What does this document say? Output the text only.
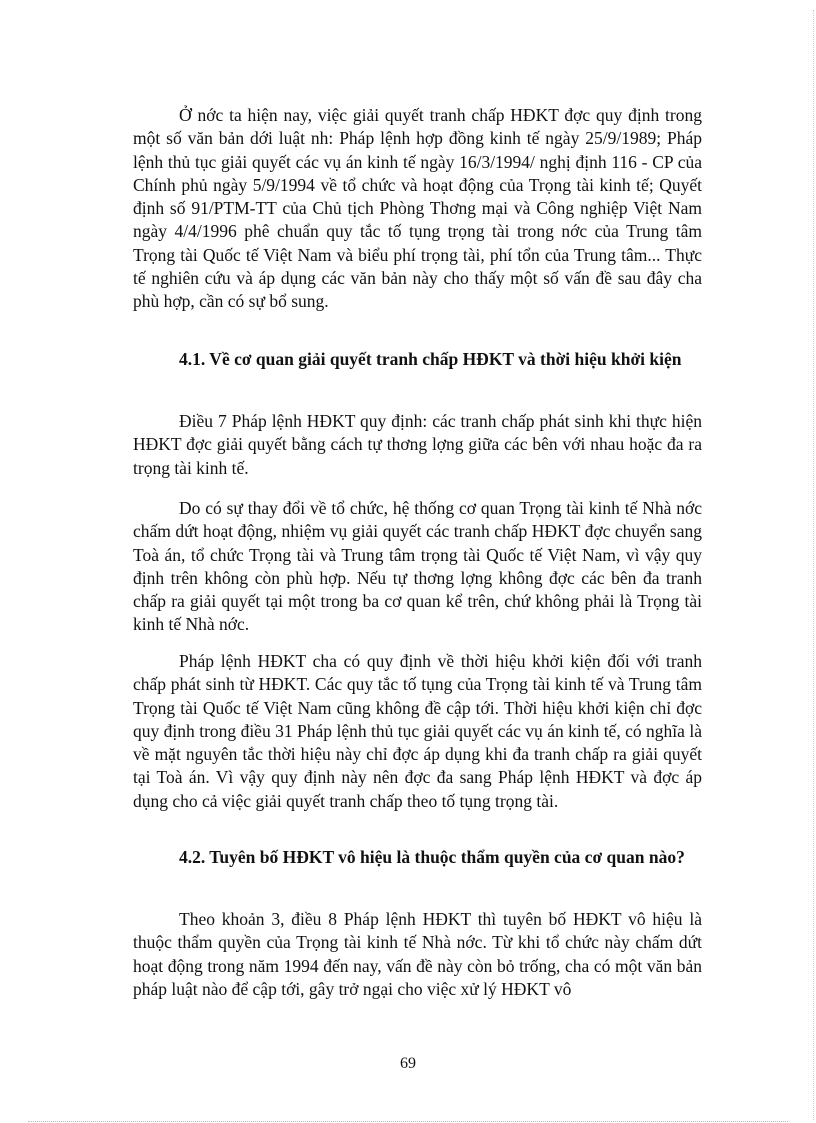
Ở nớc ta hiện nay, việc giải quyết tranh chấp HĐKT đợc quy định trong một số văn bản dới luật nh: Pháp lệnh hợp đồng kinh tế ngày 25/9/1989; Pháp lệnh thủ tục giải quyết các vụ án kinh tế ngày 16/3/1994/ nghị định 116 - CP của Chính phủ ngày 5/9/1994 về tổ chức và hoạt động của Trọng tài kinh tế; Quyết định số 91/PTM-TT của Chủ tịch Phòng Thơng mại và Công nghiệp Việt Nam ngày 4/4/1996 phê chuẩn quy tắc tố tụng trọng tài trong nớc của Trung tâm Trọng tài Quốc tế Việt Nam và biểu phí trọng tài, phí tổn của Trung tâm... Thực tế nghiên cứu và áp dụng các văn bản này cho thấy một số vấn đề sau đây cha phù hợp, cần có sự bổ sung.

4.1. Về cơ quan giải quyết tranh chấp HĐKT và thời hiệu khởi kiện

Điều 7 Pháp lệnh HĐKT quy định: các tranh chấp phát sinh khi thực hiện HĐKT đợc giải quyết bằng cách tự thơng lợng giữa các bên với nhau hoặc đa ra trọng tài kinh tế.

Do có sự thay đổi về tổ chức, hệ thống cơ quan Trọng tài kinh tế Nhà nớc chấm dứt hoạt động, nhiệm vụ giải quyết các tranh chấp HĐKT đợc chuyển sang Toà án, tổ chức Trọng tài và Trung tâm trọng tài Quốc tế Việt Nam, vì vậy quy định trên không còn phù hợp. Nếu tự thơng lợng không đợc các bên đa tranh chấp ra giải quyết tại một trong ba cơ quan kể trên, chứ không phải là Trọng tài kinh tế Nhà nớc.

Pháp lệnh HĐKT cha có quy định về thời hiệu khởi kiện đối với tranh chấp phát sinh từ HĐKT. Các quy tắc tố tụng của Trọng tài kinh tế và Trung tâm Trọng tài Quốc tế Việt Nam cũng không đề cập tới. Thời hiệu khởi kiện chỉ đợc quy định trong điều 31 Pháp lệnh thủ tục giải quyết các vụ án kinh tế, có nghĩa là về mặt nguyên tắc thời hiệu này chỉ đợc áp dụng khi đa tranh chấp ra giải quyết tại Toà án. Vì vậy quy định này nên đợc đa sang Pháp lệnh HĐKT và đợc áp dụng cho cả việc giải quyết tranh chấp theo tố tụng trọng tài.

4.2. Tuyên bố HĐKT vô hiệu là thuộc thẩm quyền của cơ quan nào?

Theo khoản 3, điều 8 Pháp lệnh HĐKT thì tuyên bố HĐKT vô hiệu là thuộc thẩm quyền của Trọng tài kinh tế Nhà nớc. Từ khi tổ chức này chấm dứt hoạt động trong năm 1994 đến nay, vấn đề này còn bỏ trống, cha có một văn bản pháp luật nào để cập tới, gây trở ngại cho việc xử lý HĐKT vô

69
